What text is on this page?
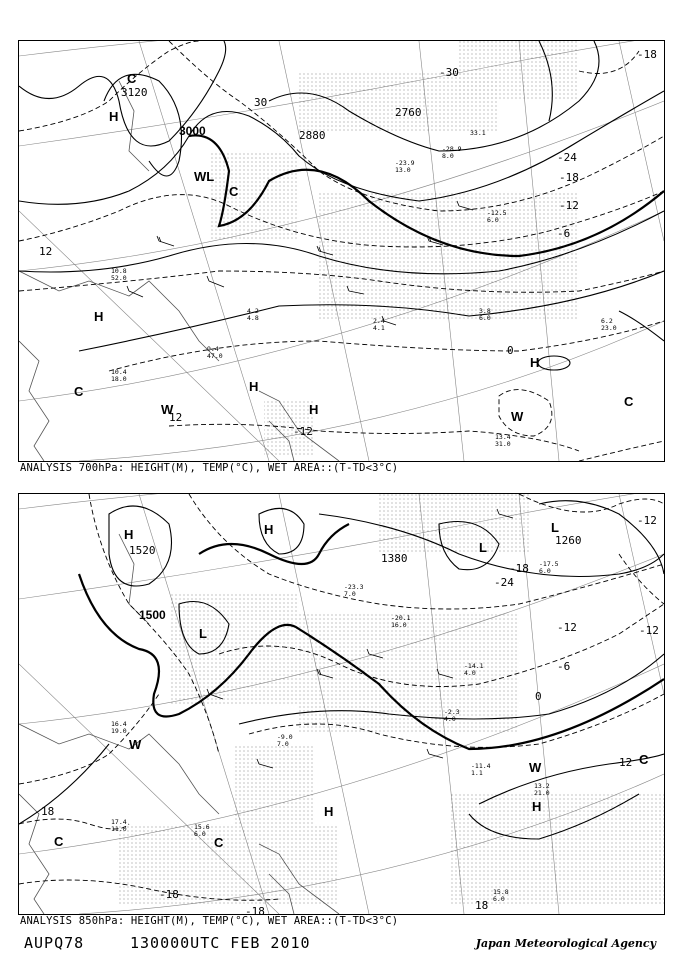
H
C
WL
C
H
C	H
H
W	W
H
C
3000
3120
2880
2760
-30
-24
-18
-12
-6
0
12
-12
12
30
-18
10.8 52.0
9.4 47.0
10.4 18.0
4.2 4.8	2.4 4.1
3.8 6.0	6.2 23.0
13.4 31.0
33.1
-28.9 8.0
-23.9 13.0
-12.5 6.0
ANALYSIS 700hPa: HEIGHT(M), TEMP(°C), WET AREA::(T-TD<3°C)
H	H
L
L
L
W
C	C
H	H
W
C
1500
1380
1260
1520
-24
-18
-12
-6
0
-12
12
18
-18
-18
-12
18
16.4 19.0
17.4 11.0	15.6 6.0
-23.3 7.0
-20.1 16.0
-14.1 4.0
-11.4 1.1
13.2 21.0
15.8 6.0
-17.5 6.0
-2.3 4.0
-9.0 7.0
ANALYSIS 850hPa: HEIGHT(M), TEMP(°C), WET AREA::(T-TD<3°C)
AUPQ78	130000UTC FEB 2010	Japan Meteorological Agency
